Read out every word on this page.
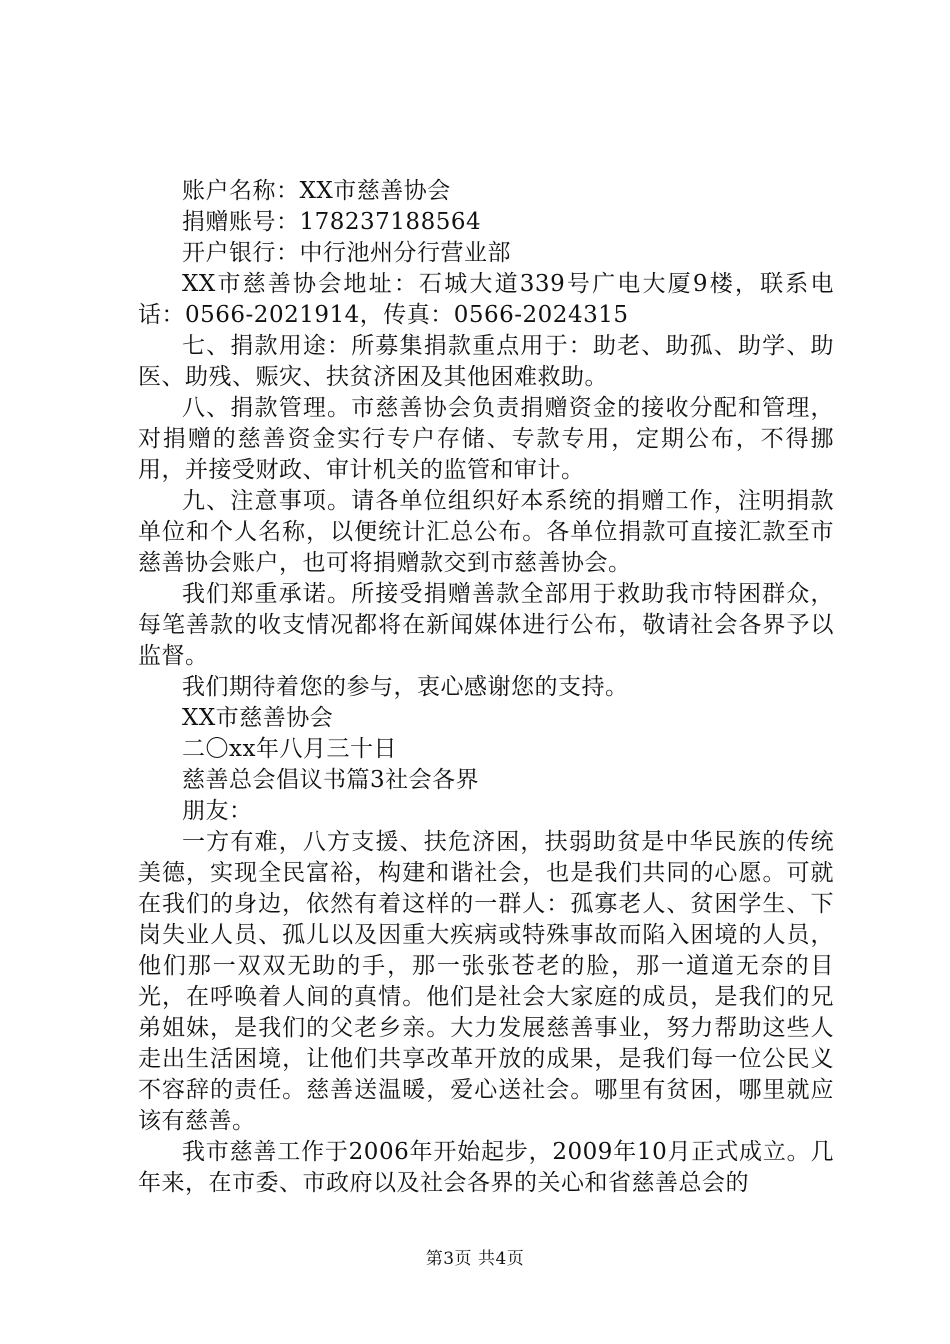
账户名称：XX市慈善协会

捐赠账号：178237188564

开户银行：中行池州分行营业部

XX市慈善协会地址：石城大道339号广电大厦9楼，联系电话：0566-2021914，传真：0566-2024315

七、捐款用途：所募集捐款重点用于：助老、助孤、助学、助医、助残、赈灾、扶贫济困及其他困难救助。

八、捐款管理。市慈善协会负责捐赠资金的接收分配和管理，对捐赠的慈善资金实行专户存储、专款专用，定期公布，不得挪用，并接受财政、审计机关的监管和审计。

九、注意事项。请各单位组织好本系统的捐赠工作，注明捐款单位和个人名称，以便统计汇总公布。各单位捐款可直接汇款至市慈善协会账户，也可将捐赠款交到市慈善协会。

我们郑重承诺。所接受捐赠善款全部用于救助我市特困群众，每笔善款的收支情况都将在新闻媒体进行公布，敬请社会各界予以监督。

我们期待着您的参与，衷心感谢您的支持。

XX市慈善协会

二〇xx年八月三十日

慈善总会倡议书篇3社会各界

朋友：

一方有难，八方支援、扶危济困，扶弱助贫是中华民族的传统美德，实现全民富裕，构建和谐社会，也是我们共同的心愿。可就在我们的身边，依然有着这样的一群人：孤寡老人、贫困学生、下岗失业人员、孤儿以及因重大疾病或特殊事故而陷入困境的人员，他们那一双双无助的手，那一张张苍老的脸，那一道道无奈的目光，在呼唤着人间的真情。他们是社会大家庭的成员，是我们的兄弟姐妹，是我们的父老乡亲。大力发展慈善事业，努力帮助这些人走出生活困境，让他们共享改革开放的成果，是我们每一位公民义不容辞的责任。慈善送温暖，爱心送社会。哪里有贫困，哪里就应该有慈善。

我市慈善工作于2006年开始起步，2009年10月正式成立。几年来，在市委、市政府以及社会各界的关心和省慈善总会的

第3页 共4页
